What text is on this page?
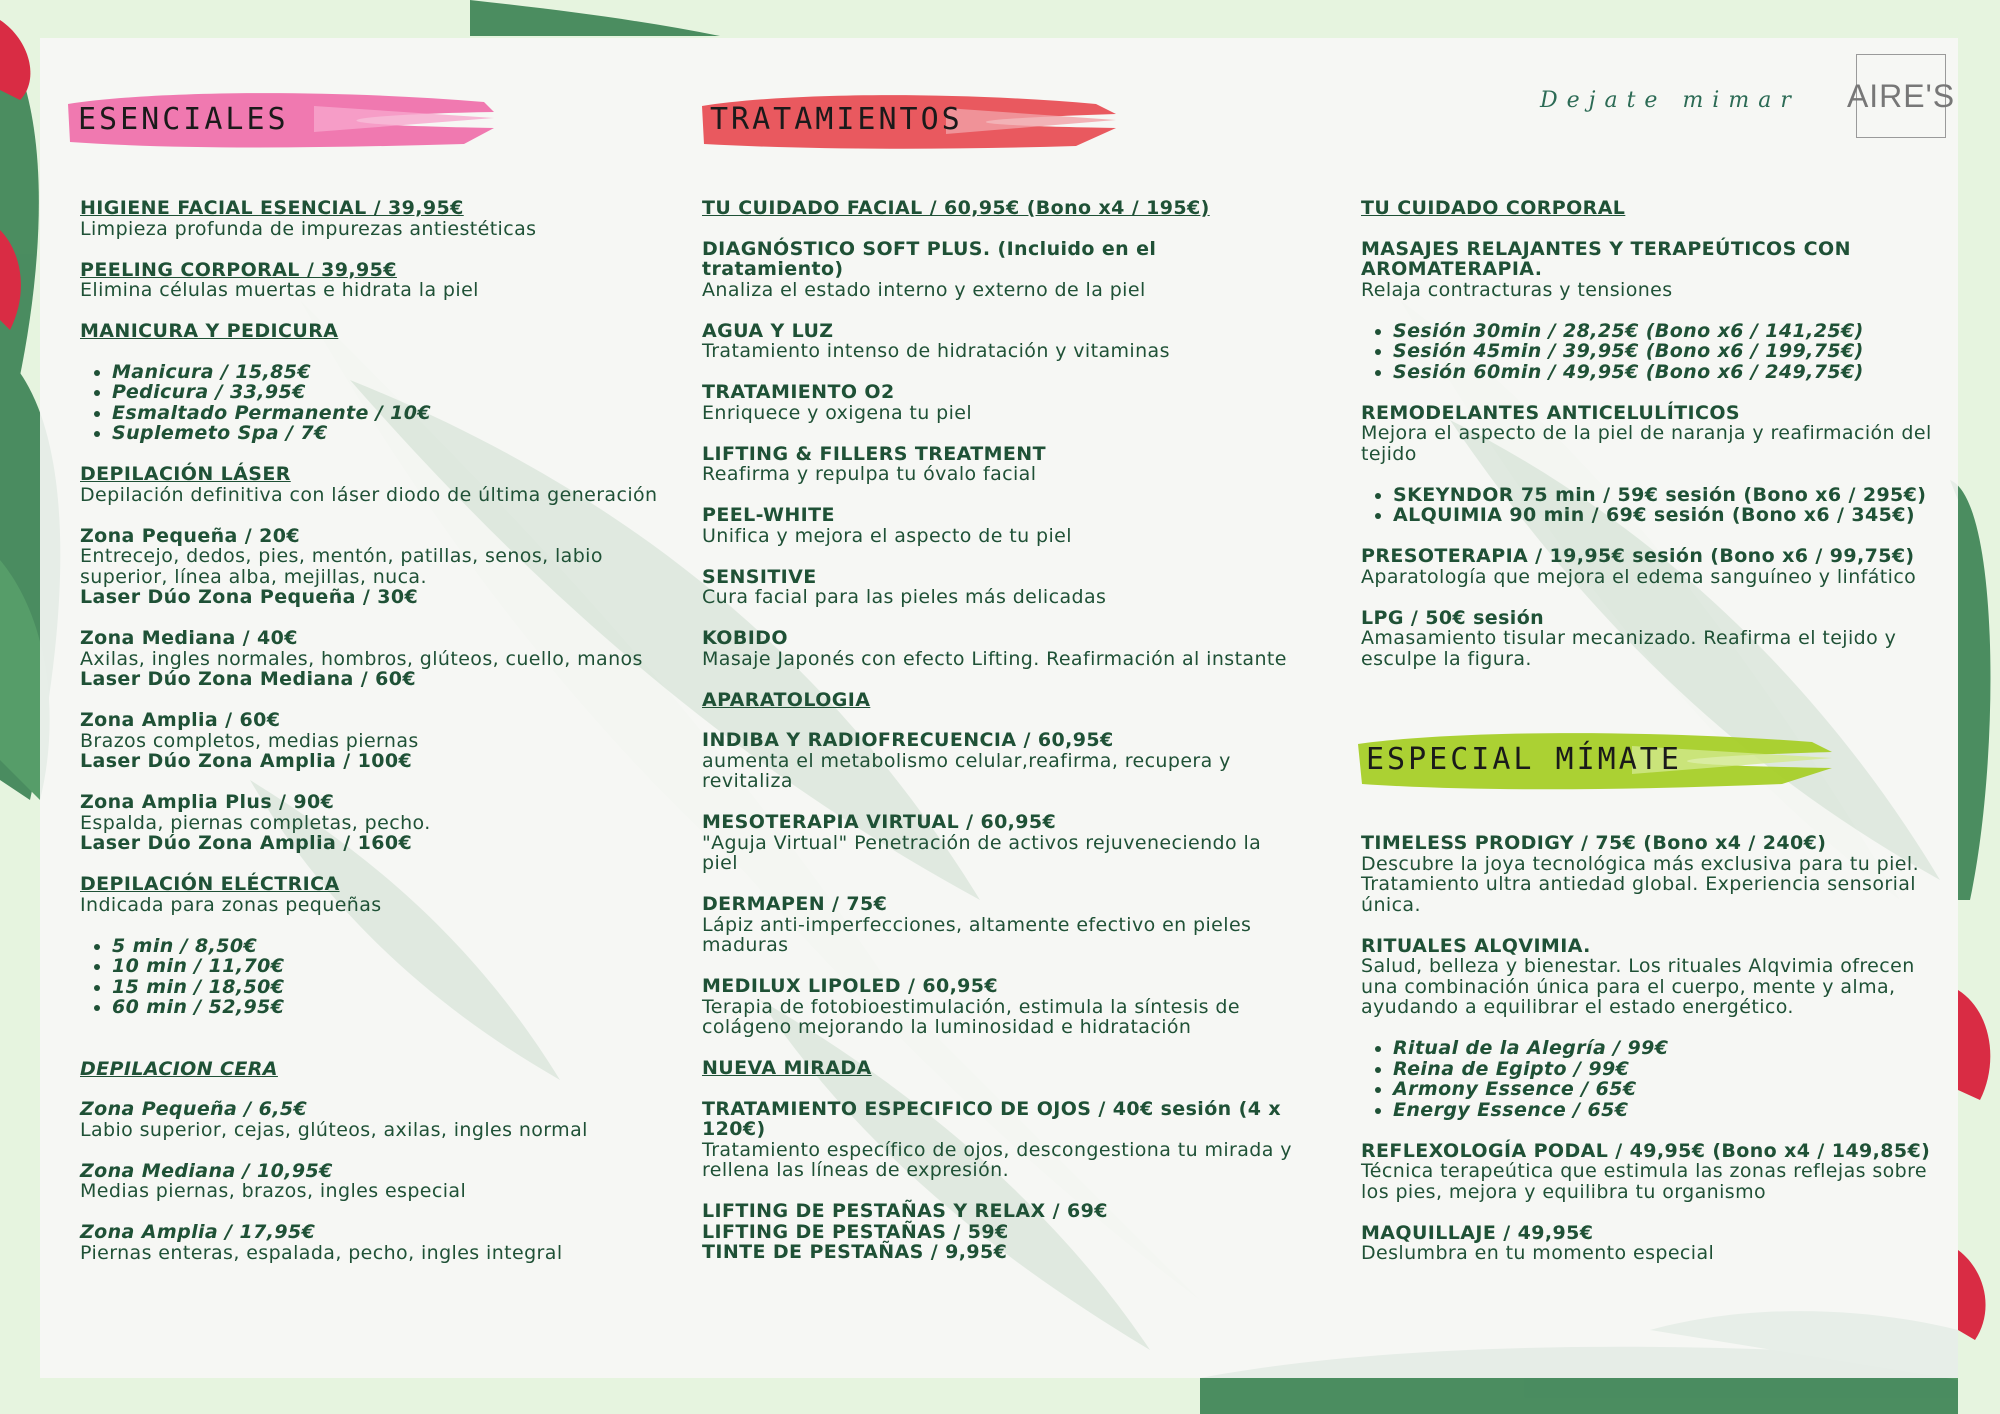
Dejate mimar	AIRE'S
ESENCIALES	TRATAMIENTOS
ESPECIAL MÍMATE

HIGIENE FACIAL ESENCIAL / 39,95€

Limpieza profunda de impurezas antiestéticas

PEELING CORPORAL / 39,95€

Elimina células muertas e hidrata la piel

MANICURA Y PEDICURA

• Manicura / 15,85€
• Pedicura / 33,95€
• Esmaltado Permanente / 10€
• Suplemeto Spa / 7€

DEPILACIÓN LÁSER

Depilación definitiva con láser diodo de última generación

Zona Pequeña / 20€

Entrecejo, dedos, pies, mentón, patillas, senos, labio superior, línea alba, mejillas, nuca.

Laser Dúo Zona Pequeña / 30€

Zona Mediana / 40€

Axilas, ingles normales, hombros, glúteos, cuello, manos

Laser Dúo Zona Mediana / 60€

Zona Amplia / 60€

Brazos completos, medias piernas

Laser Dúo Zona Amplia / 100€

Zona Amplia Plus / 90€

Espalda, piernas completas, pecho.

Laser Dúo Zona Amplia / 160€

DEPILACIÓN ELÉCTRICA

Indicada para zonas pequeñas

• 5 min / 8,50€
• 10 min / 11,70€
• 15 min / 18,50€
• 60 min / 52,95€

DEPILACION CERA

Zona Pequeña / 6,5€

Labio superior, cejas, glúteos, axilas, ingles normal

Zona Mediana / 10,95€

Medias piernas, brazos, ingles especial

Zona Amplia / 17,95€

Piernas enteras, espalada, pecho, ingles integral

TU CUIDADO FACIAL / 60,95€ (Bono x4 / 195€)

DIAGNÓSTICO SOFT PLUS. (Incluido en el tratamiento)

Analiza el estado interno y externo de la piel

AGUA Y LUZ

Tratamiento intenso de hidratación y vitaminas

TRATAMIENTO O2

Enriquece y oxigena tu piel

LIFTING & FILLERS TREATMENT

Reafirma y repulpa tu óvalo facial

PEEL-WHITE

Unifica y mejora el aspecto de tu piel

SENSITIVE

Cura facial para las pieles más delicadas

KOBIDO

Masaje Japonés con efecto Lifting. Reafirmación al instante

APARATOLOGIA

INDIBA Y RADIOFRECUENCIA / 60,95€

aumenta el metabolismo celular,reafirma, recupera y revitaliza

MESOTERAPIA VIRTUAL / 60,95€

"Aguja Virtual" Penetración de activos rejuveneciendo la piel

DERMAPEN / 75€

Lápiz anti-imperfecciones, altamente efectivo en pieles maduras

MEDILUX LIPOLED / 60,95€

Terapia de fotobioestimulación, estimula la síntesis de colágeno mejorando la luminosidad e hidratación

NUEVA MIRADA

TRATAMIENTO ESPECIFICO DE OJOS / 40€ sesión (4 x 120€)

Tratamiento específico de ojos, descongestiona tu mirada y rellena las líneas de expresión.

LIFTING DE PESTAÑAS Y RELAX / 69€

LIFTING DE PESTAÑAS / 59€

TINTE DE PESTAÑAS / 9,95€

TU CUIDADO CORPORAL

MASAJES RELAJANTES Y TERAPEÚTICOS CON AROMATERAPIA.

Relaja contracturas y tensiones

• Sesión 30min / 28,25€ (Bono x6 / 141,25€)
• Sesión 45min / 39,95€ (Bono x6 / 199,75€)
• Sesión 60min / 49,95€ (Bono x6 / 249,75€)

REMODELANTES ANTICELULÍTICOS

Mejora el aspecto de la piel de naranja y reafirmación del tejido

• SKEYNDOR 75 min / 59€ sesión (Bono x6 / 295€)
• ALQUIMIA 90 min / 69€ sesión (Bono x6 / 345€)

PRESOTERAPIA / 19,95€ sesión (Bono x6 / 99,75€)

Aparatología que mejora el edema sanguíneo y linfático

LPG / 50€ sesión

Amasamiento tisular mecanizado. Reafirma el tejido y esculpe la figura.

TIMELESS PRODIGY / 75€ (Bono x4 / 240€)

Descubre la joya tecnológica más exclusiva para tu piel. Tratamiento ultra antiedad global. Experiencia sensorial única.

RITUALES ALQVIMIA.

Salud, belleza y bienestar. Los rituales Alqvimia ofrecen una combinación única para el cuerpo, mente y alma, ayudando a equilibrar el estado energético.

• Ritual de la Alegría / 99€
• Reina de Egipto / 99€
• Armony Essence / 65€
• Energy Essence / 65€

REFLEXOLOGÍA PODAL / 49,95€ (Bono x4 / 149,85€)

Técnica terapeútica que estimula las zonas reflejas sobre los pies, mejora y equilibra tu organismo

MAQUILLAJE / 49,95€

Deslumbra en tu momento especial
